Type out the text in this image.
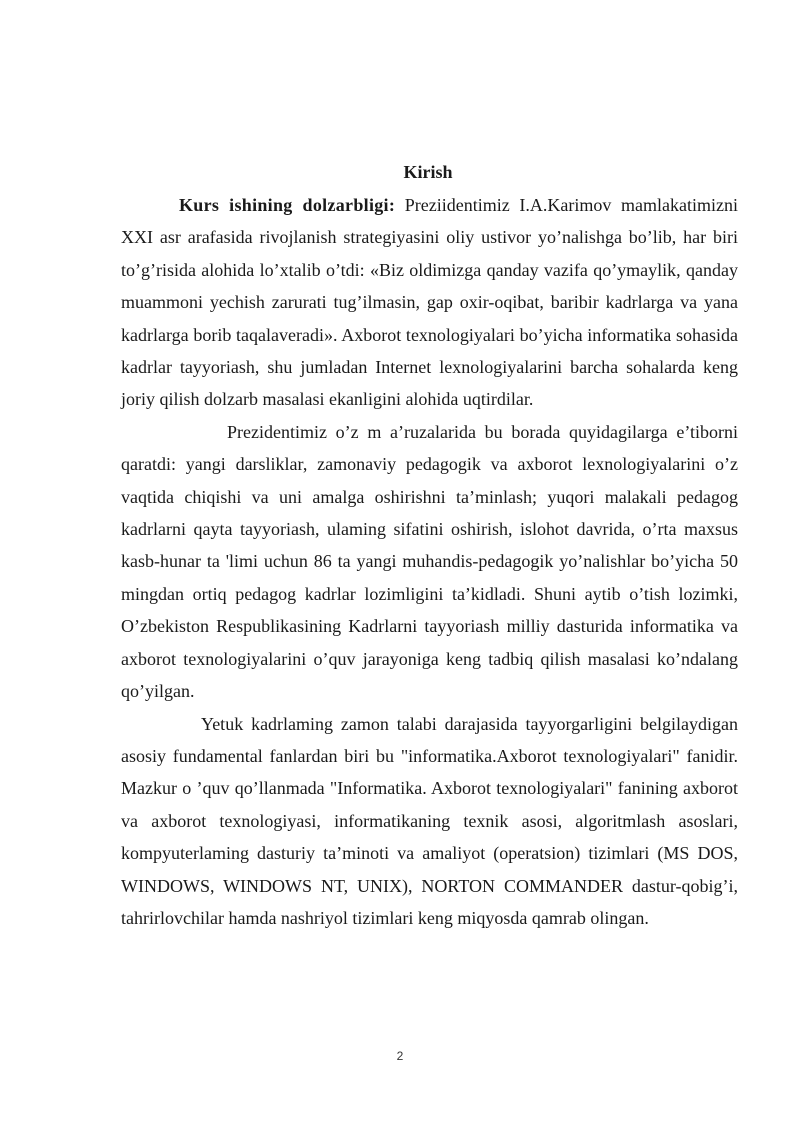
Kirish

Kurs ishining dolzarbligi: Preziidentimiz I.A.Karimov mamlakatimizni XXI asr arafasida rivojlanish strategiyasini oliy ustivor yo’nalishga bo’lib, har biri to’g’risida alohida lo’xtalib o’tdi: «Biz oldimizga qanday vazifa qo’ymaylik, qanday muammoni yechish zarurati tug’ilmasin, gap oxir-oqibat, baribir kadrlarga va yana kadrlarga borib taqalaveradi». Axborot texnologiyalari bo’yicha informatika sohasida kadrlar tayyoriash, shu jumladan Internet lexnologiyalarini barcha sohalarda keng joriy qilish dolzarb masalasi ekanligini alohida uqtirdilar.

Prezidentimiz o’z m a’ruzalarida bu borada quyidagilarga e’tiborni qaratdi: yangi darsliklar, zamonaviy pedagogik va axborot lexnologiyalarini o’z vaqtida chiqishi va uni amalga oshirishni ta’minlash; yuqori malakali pedagog kadrlarni qayta tayyoriash, ulaming sifatini oshirish, islohot davrida, o’rta maxsus kasb-hunar ta 'limi uchun 86 ta yangi muhandis-pedagogik yo’nalishlar bo’yicha 50 mingdan ortiq pedagog kadrlar lozimligini ta’kidladi. Shuni aytib o’tish lozimki, O’zbekiston Respublikasining Kadrlarni tayyoriash milliy dasturida informatika va axborot texnologiyalarini o’quv jarayoniga keng tadbiq qilish masalasi ko’ndalang qo’yilgan.

Yetuk kadrlaming zamon talabi darajasida tayyorgarligini belgilaydigan asosiy fundamental fanlardan biri bu "informatika.Axborot texnologiyalari" fanidir. Mazkur o ’quv qo’llanmada "Informatika. Axborot texnologiyalari" fanining axborot va axborot texnologiyasi, informatikaning texnik asosi, algoritmlash asoslari, kompyuterlaming dasturiy ta’minoti va amaliyot (operatsion) tizimlari (MS DOS, WINDOWS, WINDOWS NT, UNIX), NORTON COMMANDER dastur-qobig’i, tahrirlovchilar hamda nashriyol tizimlari keng miqyosda qamrab olingan.

2
